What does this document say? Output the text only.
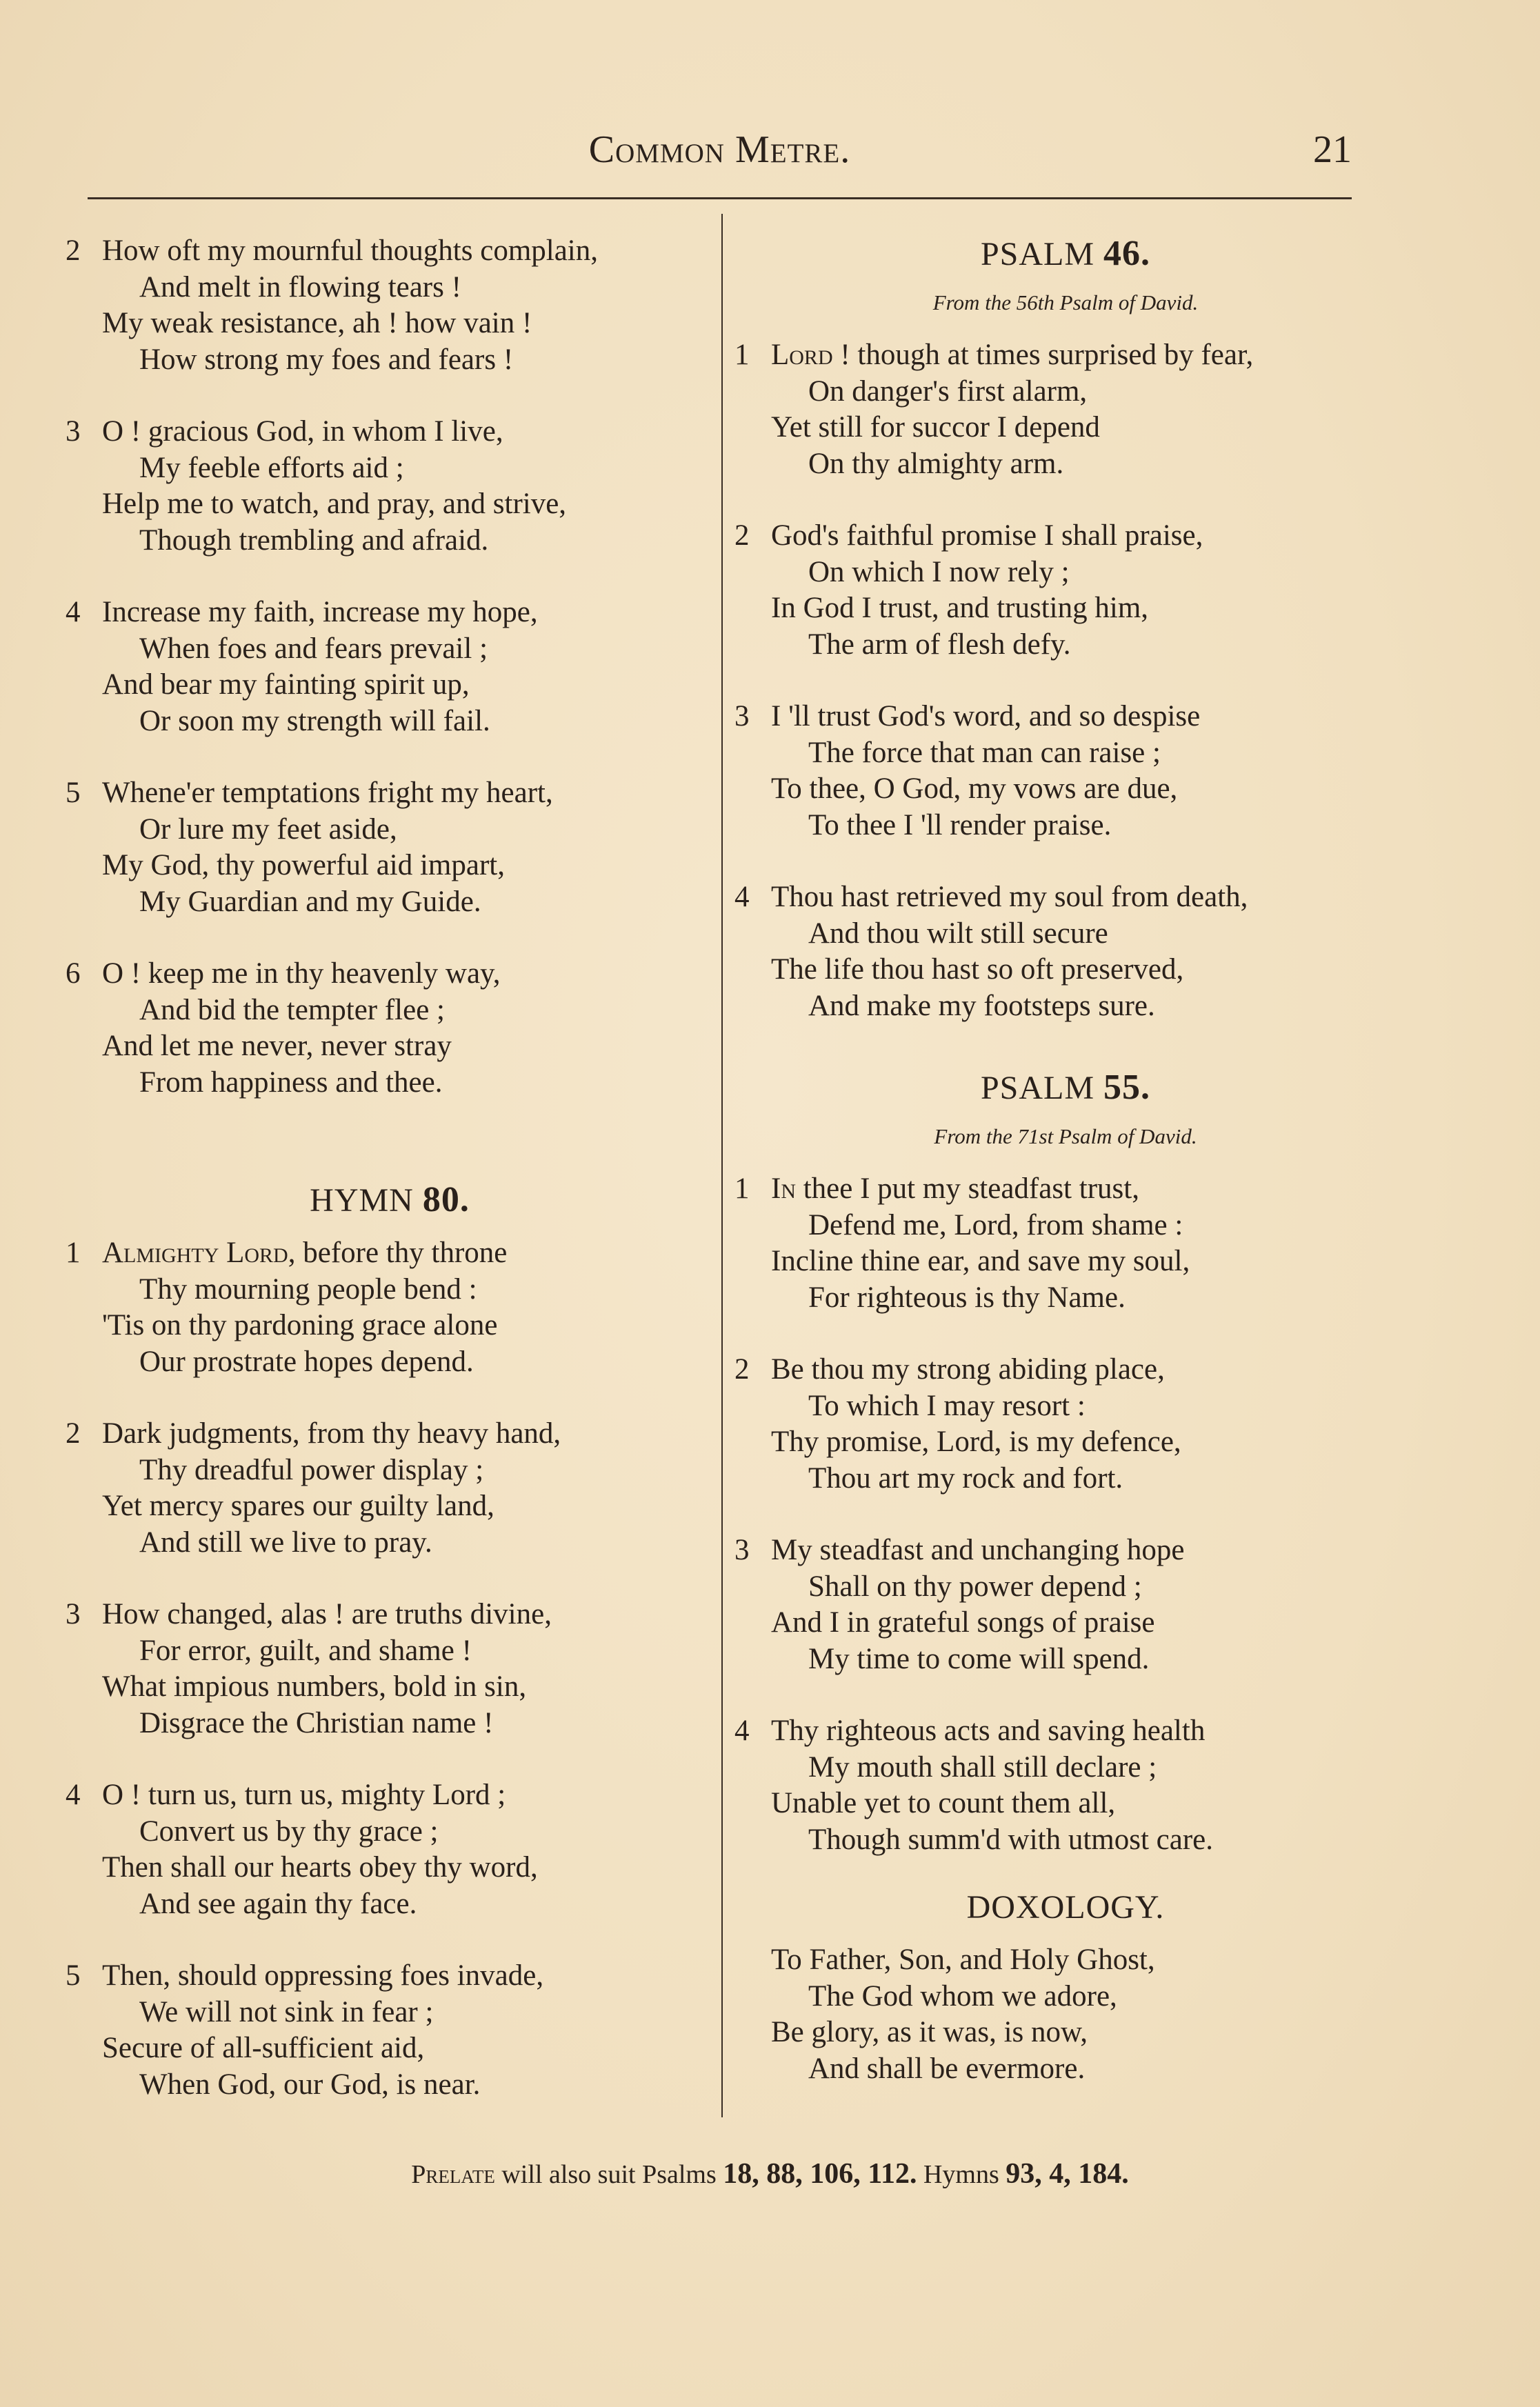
Common Metre.	21
2 How oft my mournful thoughts complain,
And melt in flowing tears !
My weak resistance, ah ! how vain !
How strong my foes and fears !
3 O ! gracious God, in whom I live,
My feeble efforts aid ;
Help me to watch, and pray, and strive,
Though trembling and afraid.
4 Increase my faith, increase my hope,
When foes and fears prevail ;
And bear my fainting spirit up,
Or soon my strength will fail.
5 Whene'er temptations fright my heart,
Or lure my feet aside,
My God, thy powerful aid impart,
My Guardian and my Guide.
6 O ! keep me in thy heavenly way,
And bid the tempter flee ;
And let me never, never stray
From happiness and thee.
HYMN 80.
1 Almighty Lord, before thy throne
Thy mourning people bend :
'Tis on thy pardoning grace alone
Our prostrate hopes depend.
2 Dark judgments, from thy heavy hand,
Thy dreadful power display ;
Yet mercy spares our guilty land,
And still we live to pray.
3 How changed, alas ! are truths divine,
For error, guilt, and shame !
What impious numbers, bold in sin,
Disgrace the Christian name !
4 O ! turn us, turn us, mighty Lord ;
Convert us by thy grace ;
Then shall our hearts obey thy word,
And see again thy face.
5 Then, should oppressing foes invade,
We will not sink in fear ;
Secure of all-sufficient aid,
When God, our God, is near.
PSALM 46.
From the 56th Psalm of David.
1 Lord ! though at times surprised by fear,
On danger's first alarm,
Yet still for succor I depend
On thy almighty arm.
2 God's faithful promise I shall praise,
On which I now rely ;
In God I trust, and trusting him,
The arm of flesh defy.
3 I 'll trust God's word, and so despise
The force that man can raise ;
To thee, O God, my vows are due,
To thee I 'll render praise.
4 Thou hast retrieved my soul from death,
And thou wilt still secure
The life thou hast so oft preserved,
And make my footsteps sure.
PSALM 55.
From the 71st Psalm of David.
1 In thee I put my steadfast trust,
Defend me, Lord, from shame :
Incline thine ear, and save my soul,
For righteous is thy Name.
2 Be thou my strong abiding place,
To which I may resort :
Thy promise, Lord, is my defence,
Thou art my rock and fort.
3 My steadfast and unchanging hope
Shall on thy power depend ;
And I in grateful songs of praise
My time to come will spend.
4 Thy righteous acts and saving health
My mouth shall still declare ;
Unable yet to count them all,
Though summ'd with utmost care.
DOXOLOGY.
To Father, Son, and Holy Ghost,
The God whom we adore,
Be glory, as it was, is now,
And shall be evermore.
Prelate will also suit Psalms 18, 88, 106, 112. Hymns 93, 4, 184.
